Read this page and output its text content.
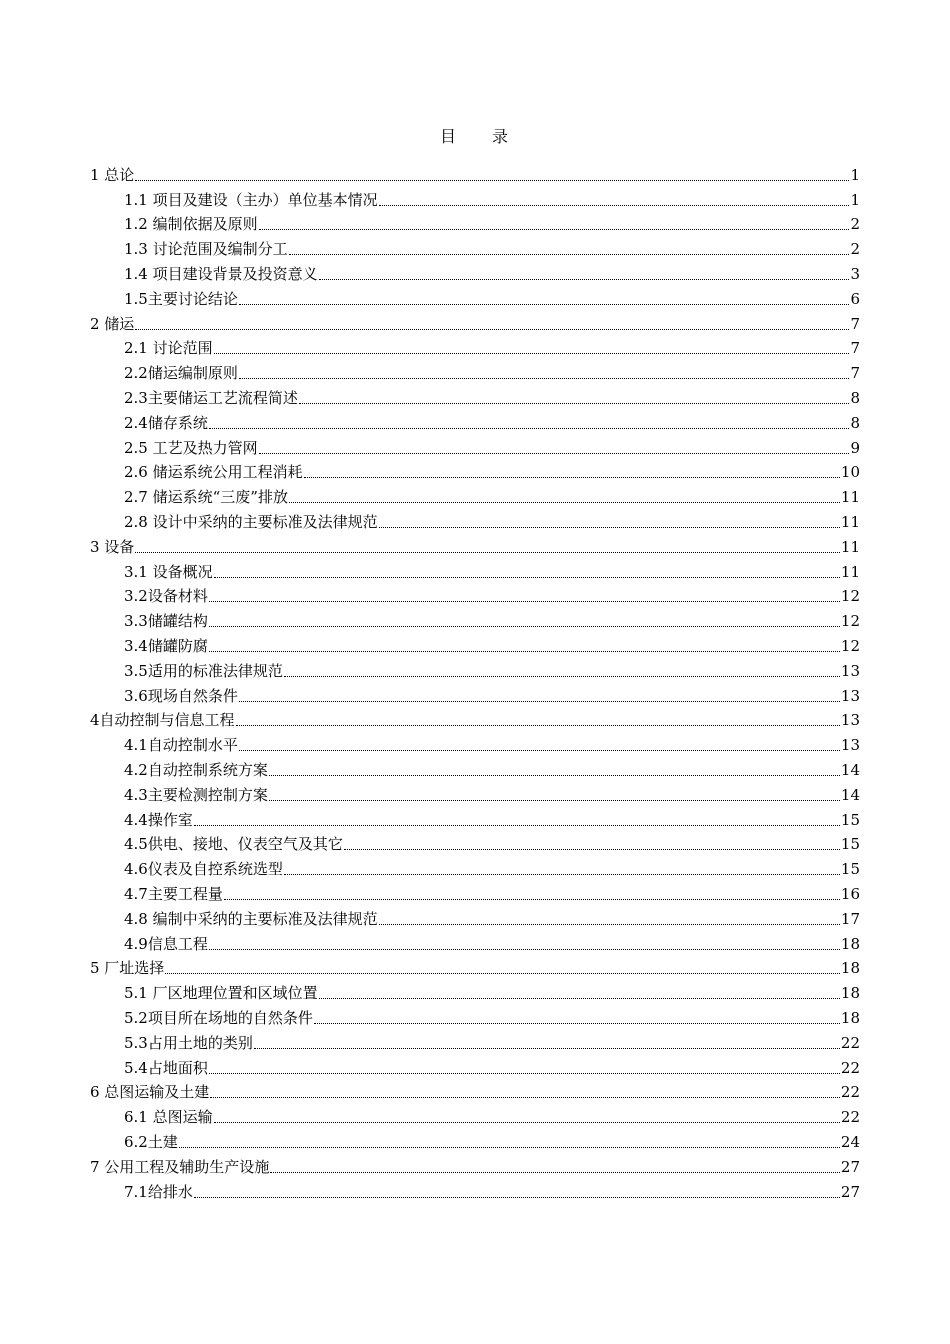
目 录
1 总论	1
1.1 项目及建设（主办）单位基本情况	1
1.2 编制依据及原则	2
1.3 讨论范围及编制分工	2
1.4 项目建设背景及投资意义	3
1.5主要讨论结论	6
2 储运	7
2.1 讨论范围	7
2.2储运编制原则	7
2.3主要储运工艺流程简述	8
2.4储存系统	8
2.5 工艺及热力管网	9
2.6 储运系统公用工程消耗	10
2.7 储运系统“三废”排放	11
2.8 设计中采纳的主要标准及法律规范	11
3 设备	11
3.1 设备概况	11
3.2设备材料	12
3.3储罐结构	12
3.4储罐防腐	12
3.5适用的标准法律规范	13
3.6现场自然条件	13
4自动控制与信息工程	13
4.1自动控制水平	13
4.2自动控制系统方案	14
4.3主要检测控制方案	14
4.4操作室	15
4.5供电、接地、仪表空气及其它	15
4.6仪表及自控系统选型	15
4.7主要工程量	16
4.8 编制中采纳的主要标准及法律规范	17
4.9信息工程	18
5 厂址选择	18
5.1 厂区地理位置和区域位置	18
5.2项目所在场地的自然条件	18
5.3占用土地的类别	22
5.4占地面积	22
6 总图运输及土建	22
6.1 总图运输	22
6.2土建	24
7 公用工程及辅助生产设施	27
7.1给排水	27
